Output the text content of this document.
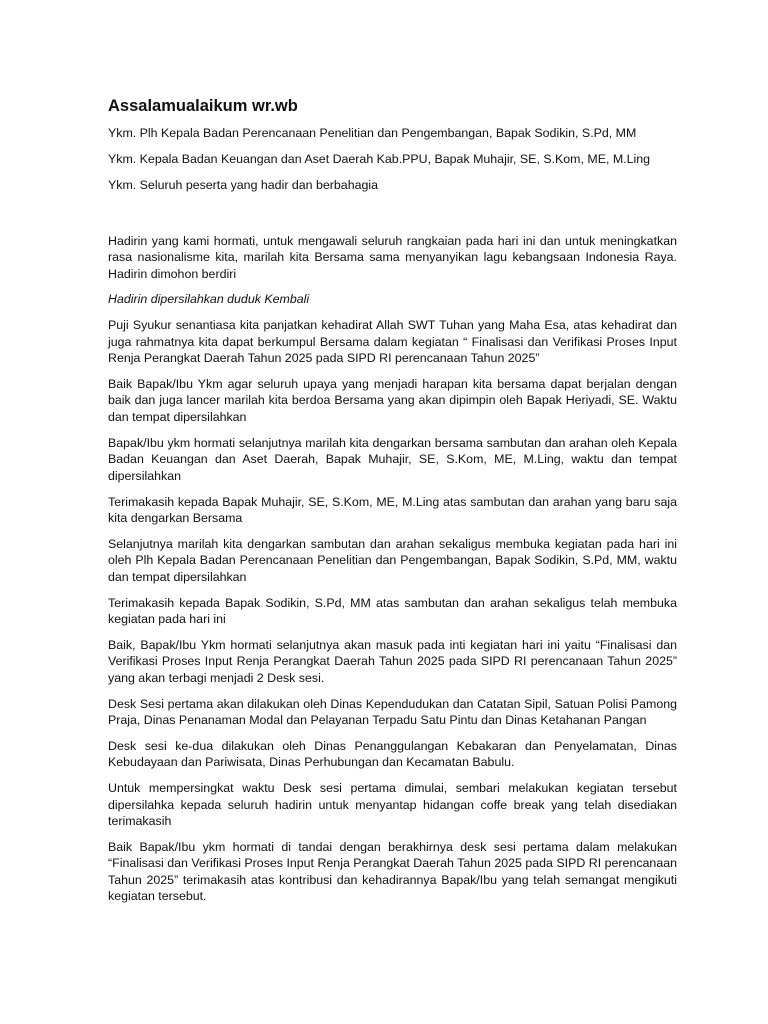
Assalamualaikum wr.wb
Ykm. Plh Kepala Badan Perencanaan Penelitian dan Pengembangan, Bapak Sodikin, S.Pd, MM
Ykm. Kepala Badan Keuangan dan Aset Daerah Kab.PPU, Bapak Muhajir, SE, S.Kom, ME, M.Ling
Ykm. Seluruh peserta yang hadir dan berbahagia

Hadirin yang kami hormati, untuk mengawali seluruh rangkaian pada hari ini dan untuk meningkatkan rasa nasionalisme kita, marilah kita Bersama sama menyanyikan lagu kebangsaan Indonesia Raya. Hadirin dimohon berdiri

Hadirin dipersilahkan duduk Kembali

Puji Syukur senantiasa kita panjatkan kehadirat Allah SWT Tuhan yang Maha Esa, atas kehadirat dan juga rahmatnya kita dapat berkumpul Bersama dalam kegiatan “ Finalisasi dan Verifikasi Proses Input Renja Perangkat Daerah Tahun 2025 pada SIPD RI perencanaan Tahun 2025”

Baik Bapak/Ibu Ykm agar seluruh upaya yang menjadi harapan kita bersama dapat berjalan dengan baik dan juga lancer marilah kita berdoa Bersama yang akan dipimpin oleh Bapak Heriyadi, SE. Waktu dan tempat dipersilahkan

Bapak/Ibu ykm hormati selanjutnya marilah kita dengarkan bersama sambutan dan arahan oleh Kepala Badan Keuangan dan Aset Daerah, Bapak Muhajir, SE, S.Kom, ME, M.Ling, waktu dan tempat dipersilahkan

Terimakasih kepada Bapak Muhajir, SE, S.Kom, ME, M.Ling atas sambutan dan arahan yang baru saja kita dengarkan Bersama

Selanjutnya marilah kita dengarkan sambutan dan arahan sekaligus membuka kegiatan pada hari ini oleh Plh Kepala Badan Perencanaan Penelitian dan Pengembangan, Bapak Sodikin, S.Pd, MM, waktu dan tempat dipersilahkan

Terimakasih kepada Bapak Sodikin, S.Pd, MM atas sambutan dan arahan sekaligus telah membuka kegiatan pada hari ini

Baik, Bapak/Ibu Ykm hormati selanjutnya akan masuk pada inti kegiatan hari ini yaitu “Finalisasi dan Verifikasi Proses Input Renja Perangkat Daerah Tahun 2025 pada SIPD RI perencanaan Tahun 2025” yang akan terbagi menjadi 2 Desk sesi.

Desk Sesi pertama akan dilakukan oleh Dinas Kependudukan dan Catatan Sipil, Satuan Polisi Pamong Praja, Dinas Penanaman Modal dan Pelayanan Terpadu Satu Pintu dan Dinas Ketahanan Pangan

Desk sesi ke-dua dilakukan oleh Dinas Penanggulangan Kebakaran dan Penyelamatan, Dinas Kebudayaan dan Pariwisata, Dinas Perhubungan dan Kecamatan Babulu.

Untuk mempersingkat waktu Desk sesi pertama dimulai, sembari melakukan kegiatan tersebut dipersilahka kepada seluruh hadirin untuk menyantap hidangan coffe break yang telah disediakan terimakasih

Baik Bapak/Ibu ykm hormati di tandai dengan berakhirnya desk sesi pertama dalam melakukan “Finalisasi dan Verifikasi Proses Input Renja Perangkat Daerah Tahun 2025 pada SIPD RI perencanaan Tahun 2025” terimakasih atas kontribusi dan kehadirannya Bapak/Ibu yang telah semangat mengikuti kegiatan tersebut.
